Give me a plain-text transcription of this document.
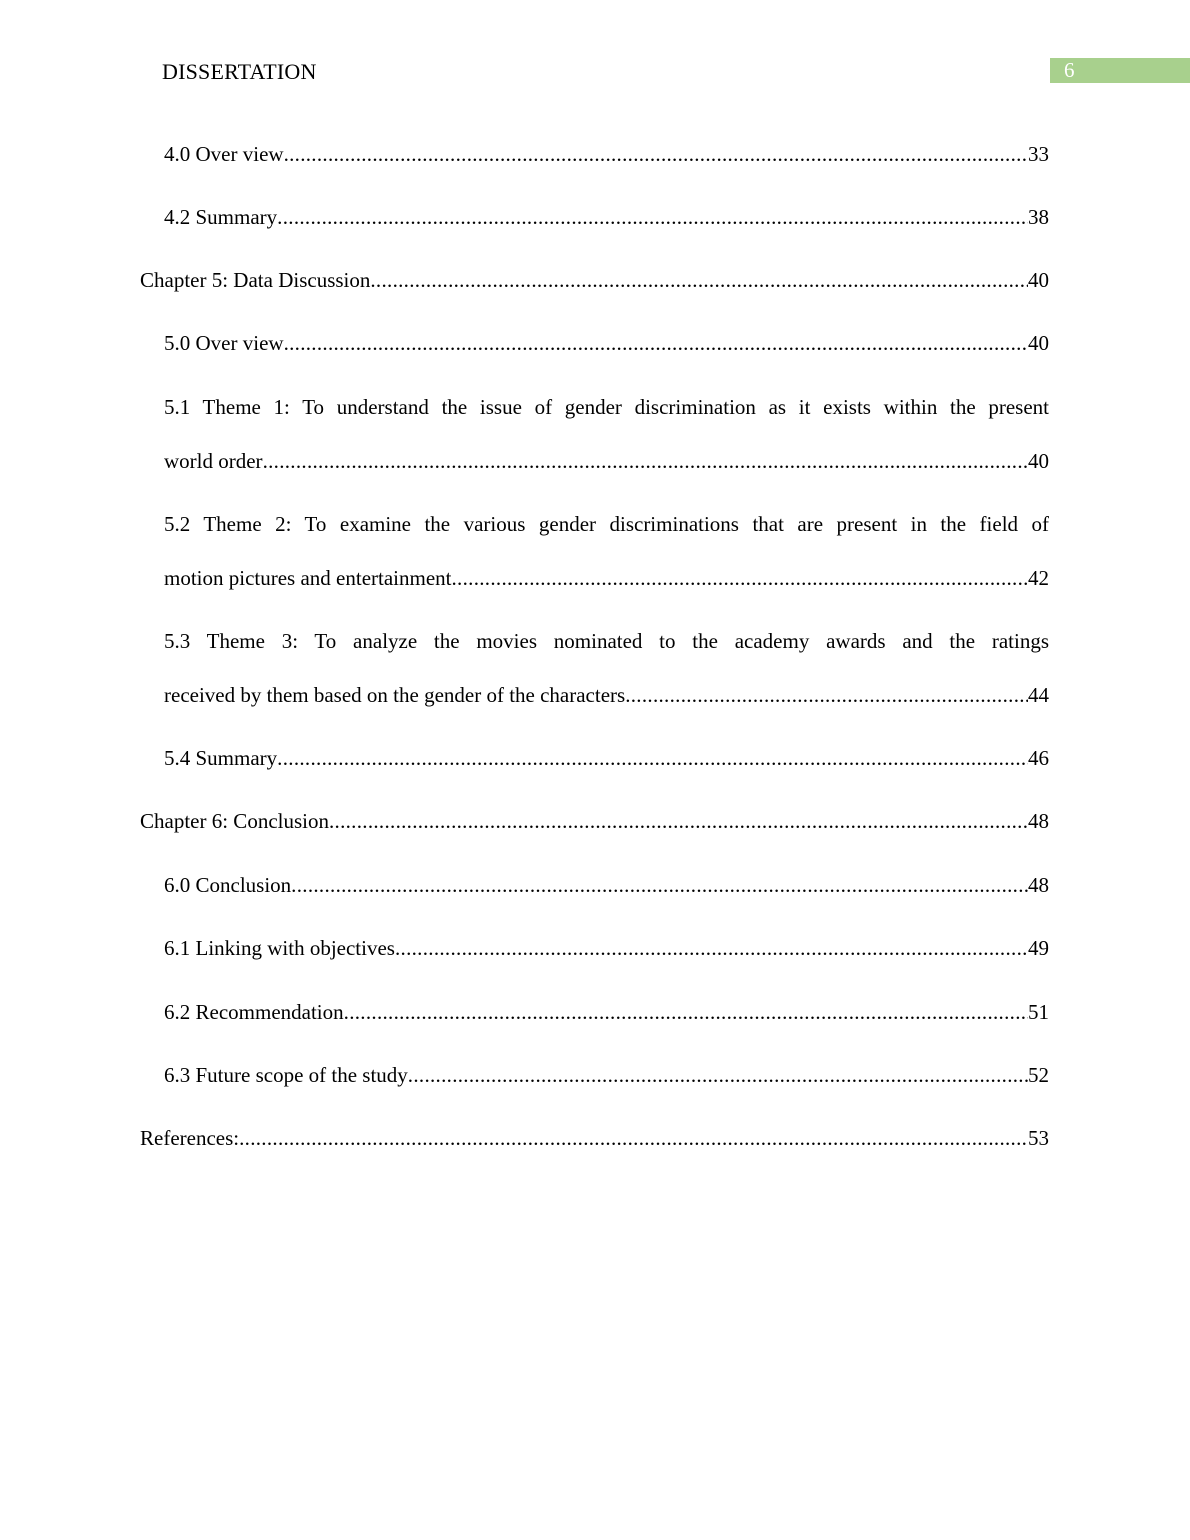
DISSERTATION	6
4.0 Over view .....	33
4.2 Summary .....	38
Chapter 5: Data Discussion .....	40
5.0 Over view .....	40
5.1 Theme 1: To understand the issue of gender discrimination as it exists within the present
world order .....	40
5.2 Theme 2: To examine the various gender discriminations that are present in the field of
motion pictures and entertainment .....	42
5.3 Theme 3: To analyze the movies nominated to the academy awards and the ratings
received by them based on the gender of the characters .....	44
5.4 Summary .....	46
Chapter 6: Conclusion .....	48
6.0 Conclusion .....	48
6.1 Linking with objectives .....	49
6.2 Recommendation .....	51
6.3 Future scope of the study .....	52
References: .....	53
